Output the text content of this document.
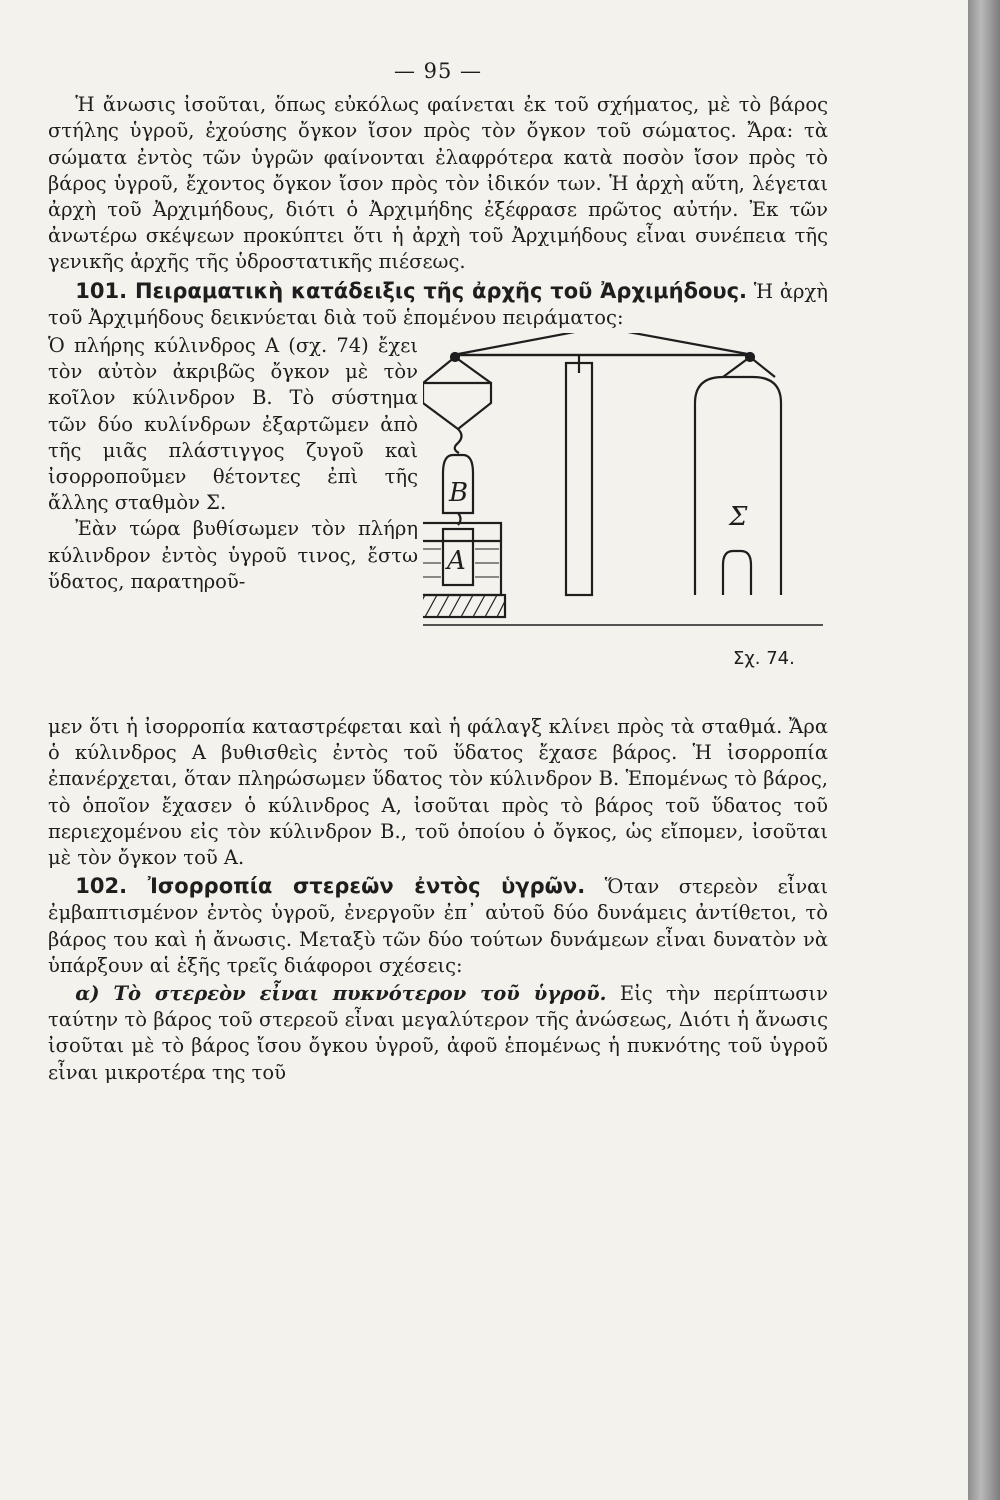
— 95 —

Ἡ ἄνωσις ἰσοῦται, ὅπως εὐκόλως φαίνεται ἐκ τοῦ σχήματος, μὲ τὸ βάρος στήλης ὑγροῦ, ἐχούσης ὄγκον ἴσον πρὸς τὸν ὄγκον τοῦ σώματος. Ἄρα: τὰ σώματα ἐντὸς τῶν ὑγρῶν φαίνονται ἐλαφρότερα κατὰ ποσὸν ἴσον πρὸς τὸ βάρος ὑγροῦ, ἔχοντος ὄγκον ἴσον πρὸς τὸν ἰδικόν των. Ἡ ἀρχὴ αὕτη, λέγεται ἀρχὴ τοῦ Ἀρχιμήδους, διότι ὁ Ἀρχιμήδης ἐξέφρασε πρῶτος αὐτήν. Ἐκ τῶν ἀνωτέρω σκέψεων προκύπτει ὅτι ἡ ἀρχὴ τοῦ Ἀρχιμήδους εἶναι συνέπεια τῆς γενικῆς ἀρχῆς τῆς ὑδροστατικῆς πιέσεως.

101. Πειραματικὴ κατάδειξις τῆς ἀρχῆς τοῦ Ἀρχιμήδους. Ἡ ἀρχὴ τοῦ Ἀρχιμήδους δεικνύεται διὰ τοῦ ἑπομένου πειράματος:

B
A
Σ
Σχ. 74.
Ὁ πλήρης κύλινδρος Α (σχ. 74) ἔχει τὸν αὐτὸν ἀκριβῶς ὄγκον μὲ τὸν κοῖλον κύλινδρον Β. Τὸ σύστημα τῶν δύο κυλίνδρων ἐξαρτῶμεν ἀπὸ τῆς μιᾶς πλάστιγγος ζυγοῦ καὶ ἰσορροποῦμεν θέτοντες ἐπὶ τῆς ἄλλης σταθμὸν Σ.

Ἐὰν τώρα βυθίσωμεν τὸν πλήρη κύλινδρον ἐντὸς ὑγροῦ τινος, ἔστω ὕδατος, παρατηροῦ-

μεν ὅτι ἡ ἰσορροπία καταστρέφεται καὶ ἡ φάλαγξ κλίνει πρὸς τὰ σταθμά. Ἄρα ὁ κύλινδρος Α βυθισθεὶς ἐντὸς τοῦ ὕδατος ἔχασε βάρος. Ἡ ἰσορροπία ἐπανέρχεται, ὅταν πληρώσωμεν ὕδατος τὸν κύλινδρον Β. Ἑπομένως τὸ βάρος, τὸ ὁποῖον ἔχασεν ὁ κύλινδρος Α, ἰσοῦται πρὸς τὸ βάρος τοῦ ὕδατος τοῦ περιεχομένου εἰς τὸν κύλινδρον Β., τοῦ ὁποίου ὁ ὄγκος, ὡς εἴπομεν, ἰσοῦται μὲ τὸν ὄγκον τοῦ Α.

102. Ἰσορροπία στερεῶν ἐντὸς ὑγρῶν. Ὅταν στερεὸν εἶναι ἐμβαπτισμένον ἐντὸς ὑγροῦ, ἐνεργοῦν ἐπ᾽ αὐτοῦ δύο δυνάμεις ἀντίθετοι, τὸ βάρος του καὶ ἡ ἄνωσις. Μεταξὺ τῶν δύο τούτων δυνάμεων εἶναι δυνατὸν νὰ ὑπάρξουν αἱ ἑξῆς τρεῖς διάφοροι σχέσεις:

α) Τὸ στερεὸν εἶναι πυκνότερον τοῦ ὑγροῦ. Εἰς τὴν περίπτωσιν ταύτην τὸ βάρος τοῦ στερεοῦ εἶναι μεγαλύτερον τῆς ἀνώσεως, Διότι ἡ ἄνωσις ἰσοῦται μὲ τὸ βάρος ἴσου ὄγκου ὑγροῦ, ἀφοῦ ἑπομένως ἡ πυκνότης τοῦ ὑγροῦ εἶναι μικροτέρα της τοῦ
